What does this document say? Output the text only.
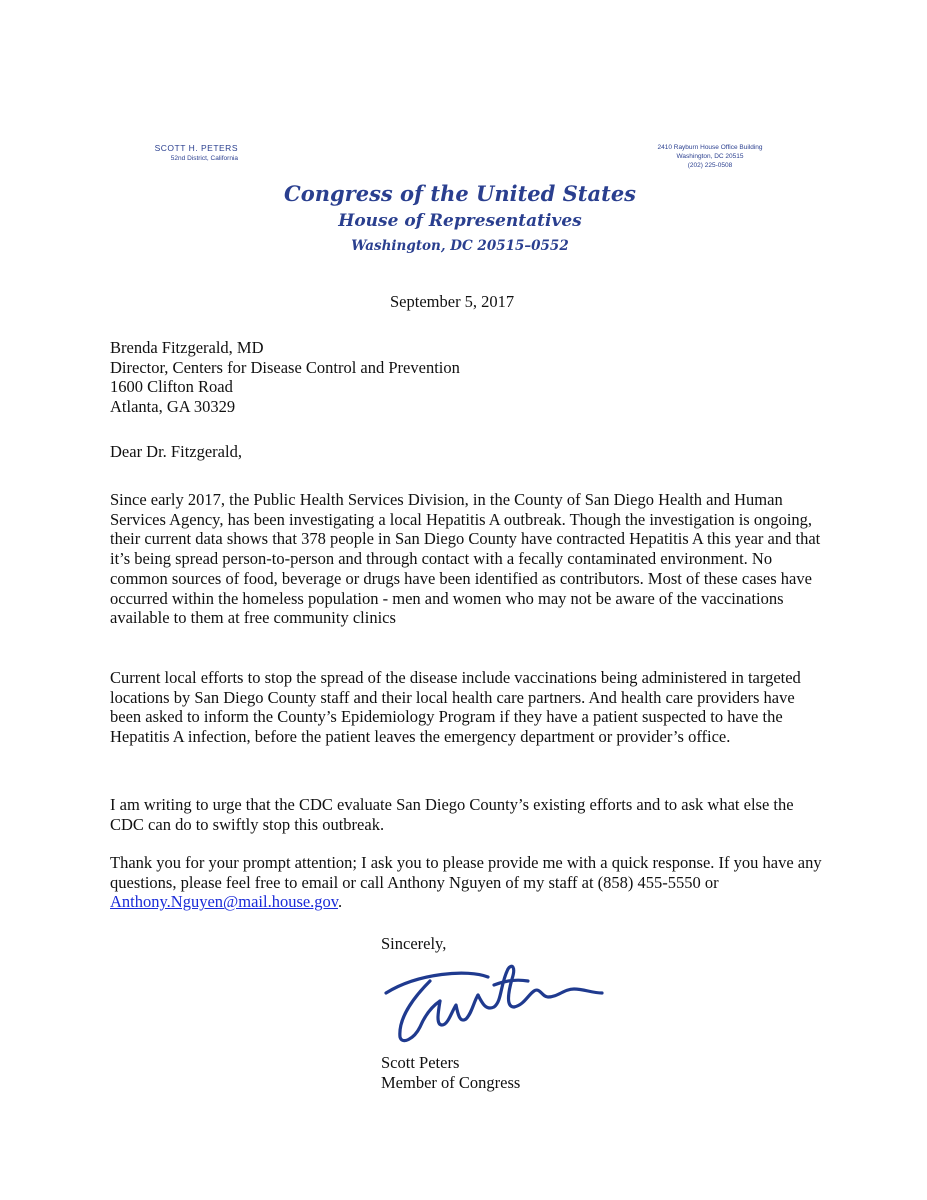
SCOTT H. PETERS
52nd District, California
Congress of the United States
House of Representatives
Washington, DC 20515–0552
2410 Rayburn House Office Building
Washington, DC 20515
(202) 225-0508
September 5, 2017
Brenda Fitzgerald, MD
Director, Centers for Disease Control and Prevention
1600 Clifton Road
Atlanta, GA 30329
Dear Dr. Fitzgerald,
Since early 2017, the Public Health Services Division, in the County of San Diego Health and Human Services Agency, has been investigating a local Hepatitis A outbreak. Though the investigation is ongoing, their current data shows that 378 people in San Diego County have contracted Hepatitis A this year and that it’s being spread person-to-person and through contact with a fecally contaminated environment. No common sources of food, beverage or drugs have been identified as contributors. Most of these cases have occurred within the homeless population - men and women who may not be aware of the vaccinations available to them at free community clinics
Current local efforts to stop the spread of the disease include vaccinations being administered in targeted locations by San Diego County staff and their local health care partners. And health care providers have been asked to inform the County’s Epidemiology Program if they have a patient suspected to have the Hepatitis A infection, before the patient leaves the emergency department or provider’s office.
I am writing to urge that the CDC evaluate San Diego County’s existing efforts and to ask what else the CDC can do to swiftly stop this outbreak.
Thank you for your prompt attention; I ask you to please provide me with a quick response. If you have any questions, please feel free to email or call Anthony Nguyen of my staff at (858) 455-5550 or Anthony.Nguyen@mail.house.gov.
Sincerely,
Scott Peters
Member of Congress
